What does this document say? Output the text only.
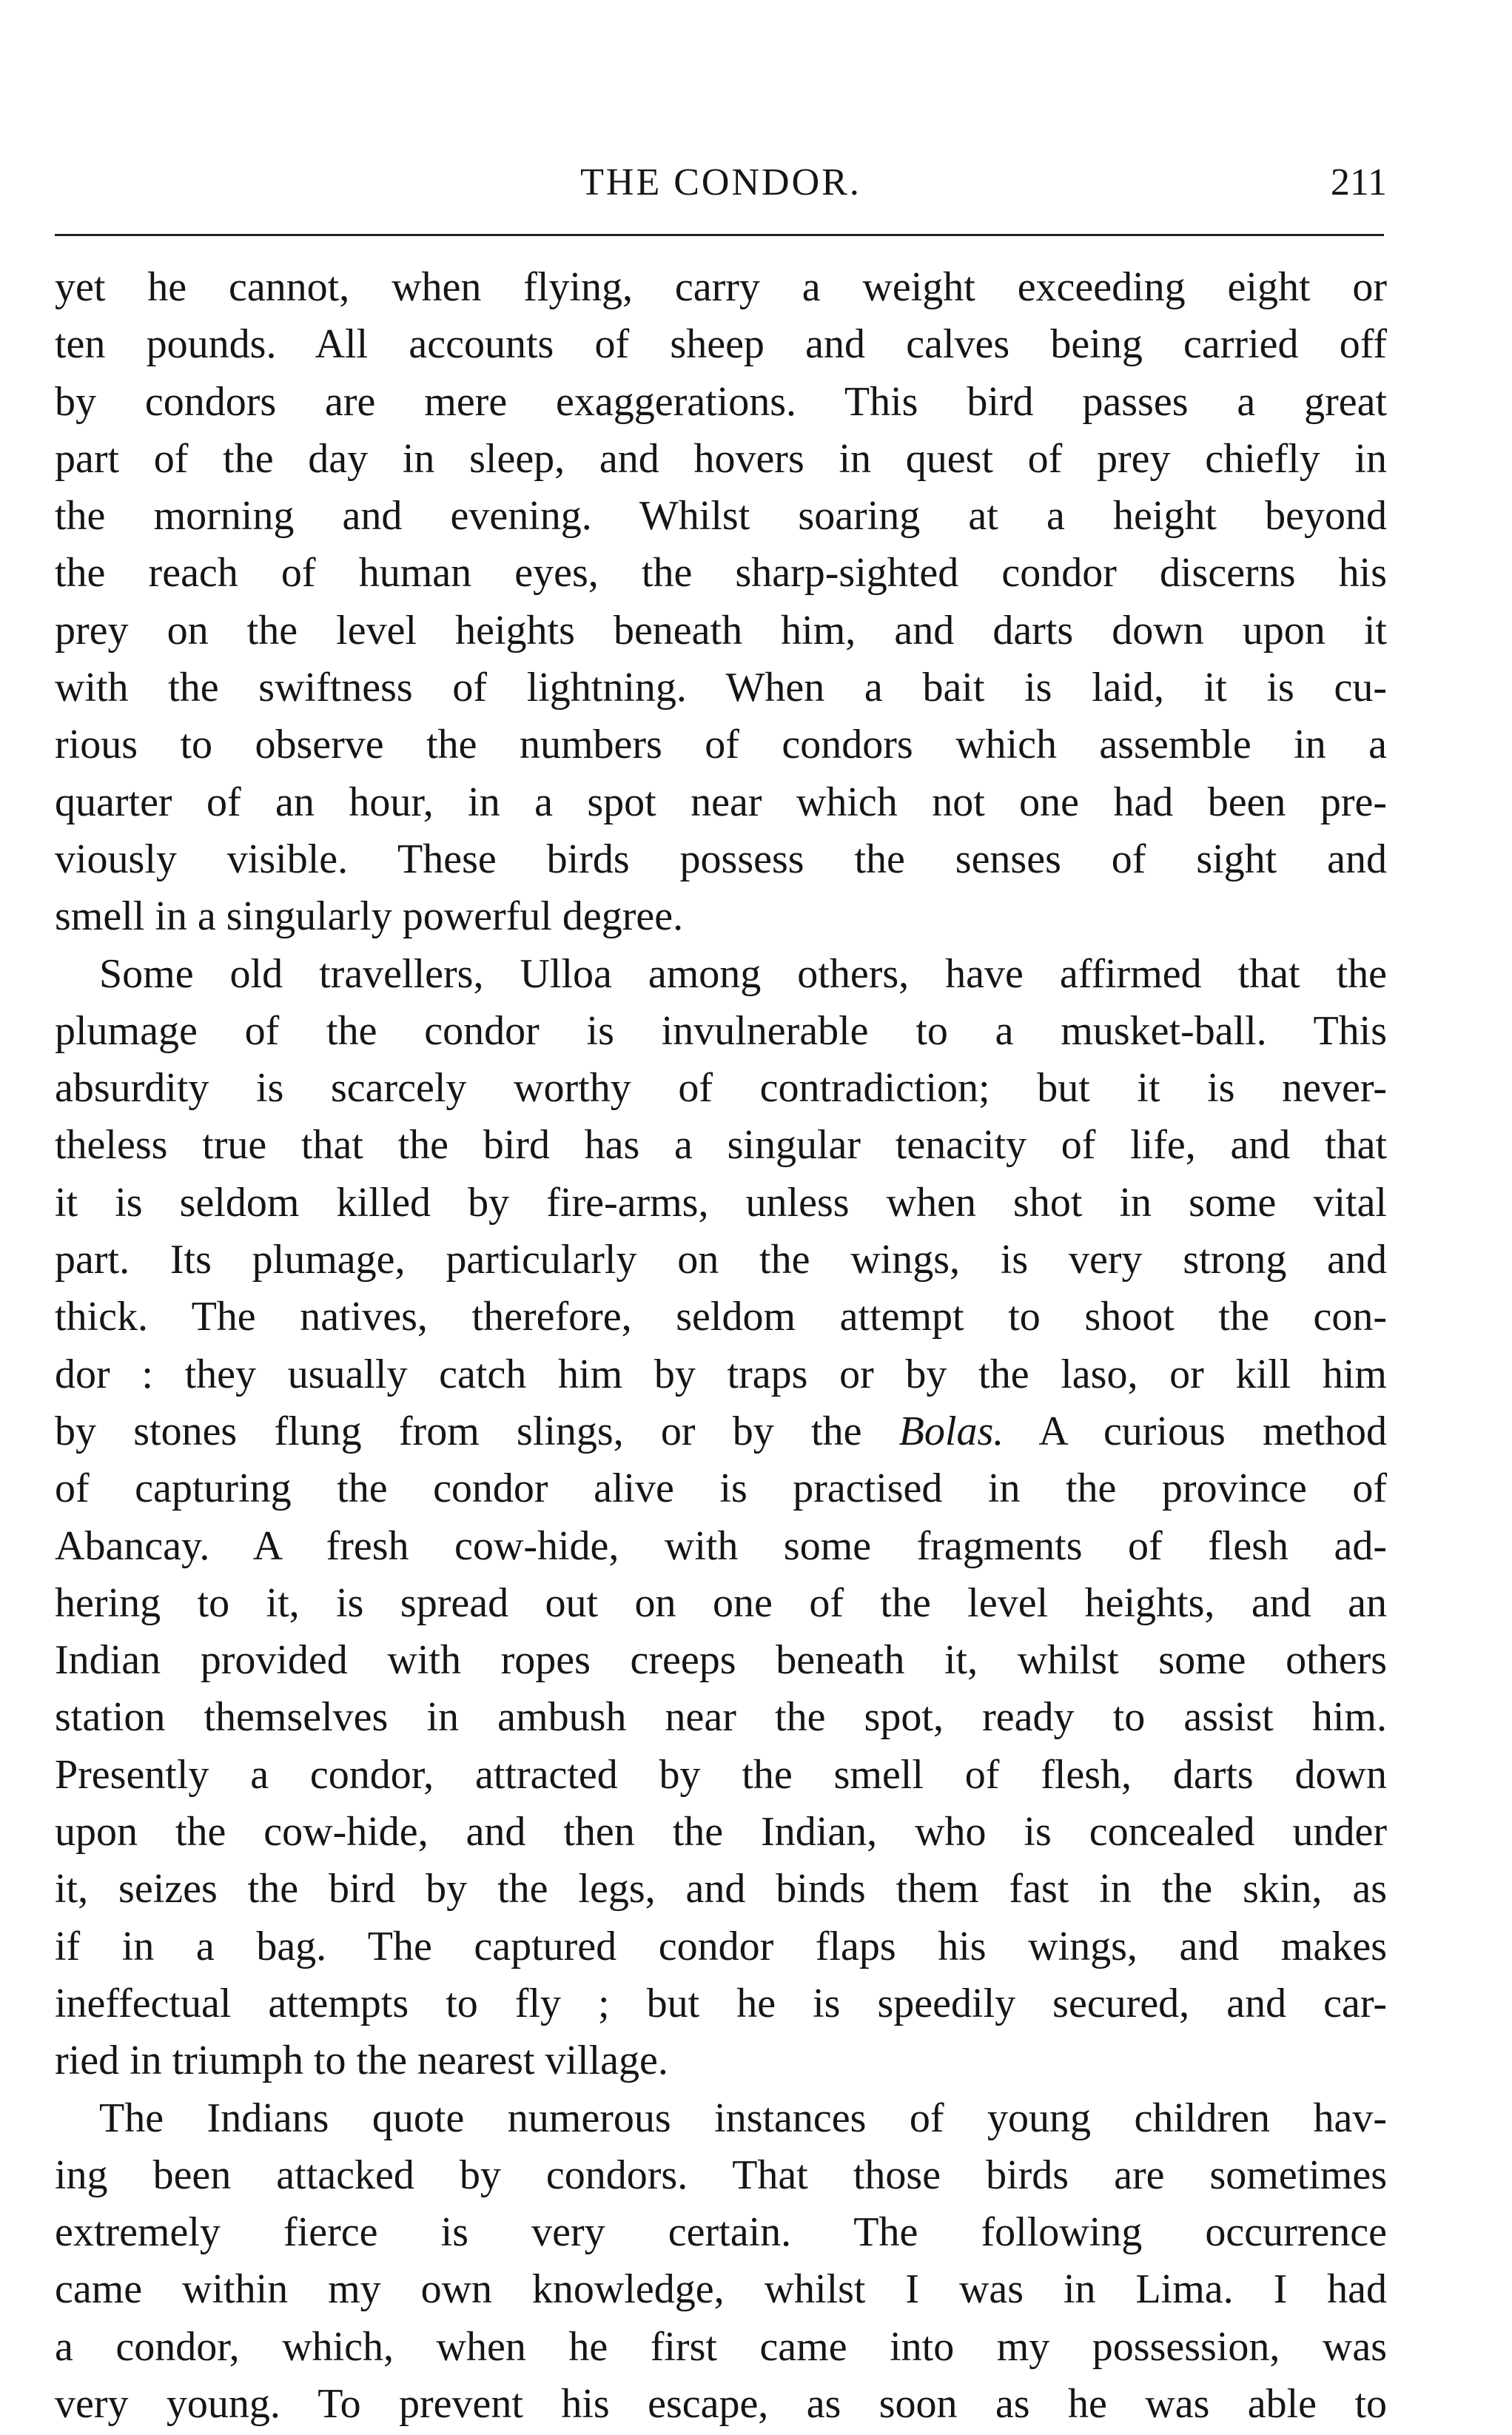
THE CONDOR.	211
yet he cannot, when flying, carry a weight exceeding eight or
ten pounds. All accounts of sheep and calves being carried off
by condors are mere exaggerations. This bird passes a great
part of the day in sleep, and hovers in quest of prey chiefly in
the morning and evening. Whilst soaring at a height beyond
the reach of human eyes, the sharp-sighted condor discerns his
prey on the level heights beneath him, and darts down upon it
with the swiftness of lightning. When a bait is laid, it is cu-
rious to observe the numbers of condors which assemble in a
quarter of an hour, in a spot near which not one had been pre-
viously visible. These birds possess the senses of sight and
smell in a singularly powerful degree.
Some old travellers, Ulloa among others, have affirmed that the
plumage of the condor is invulnerable to a musket-ball. This
absurdity is scarcely worthy of contradiction; but it is never-
theless true that the bird has a singular tenacity of life, and that
it is seldom killed by fire-arms, unless when shot in some vital
part. Its plumage, particularly on the wings, is very strong and
thick. The natives, therefore, seldom attempt to shoot the con-
dor : they usually catch him by traps or by the laso, or kill him
by stones flung from slings, or by the Bolas. A curious method
of capturing the condor alive is practised in the province of
Abancay. A fresh cow-hide, with some fragments of flesh ad-
hering to it, is spread out on one of the level heights, and an
Indian provided with ropes creeps beneath it, whilst some others
station themselves in ambush near the spot, ready to assist him.
Presently a condor, attracted by the smell of flesh, darts down
upon the cow-hide, and then the Indian, who is concealed under
it, seizes the bird by the legs, and binds them fast in the skin, as
if in a bag. The captured condor flaps his wings, and makes
ineffectual attempts to fly ; but he is speedily secured, and car-
ried in triumph to the nearest village.
The Indians quote numerous instances of young children hav-
ing been attacked by condors. That those birds are sometimes
extremely fierce is very certain. The following occurrence
came within my own knowledge, whilst I was in Lima. I had
a condor, which, when he first came into my possession, was
very young. To prevent his escape, as soon as he was able to
